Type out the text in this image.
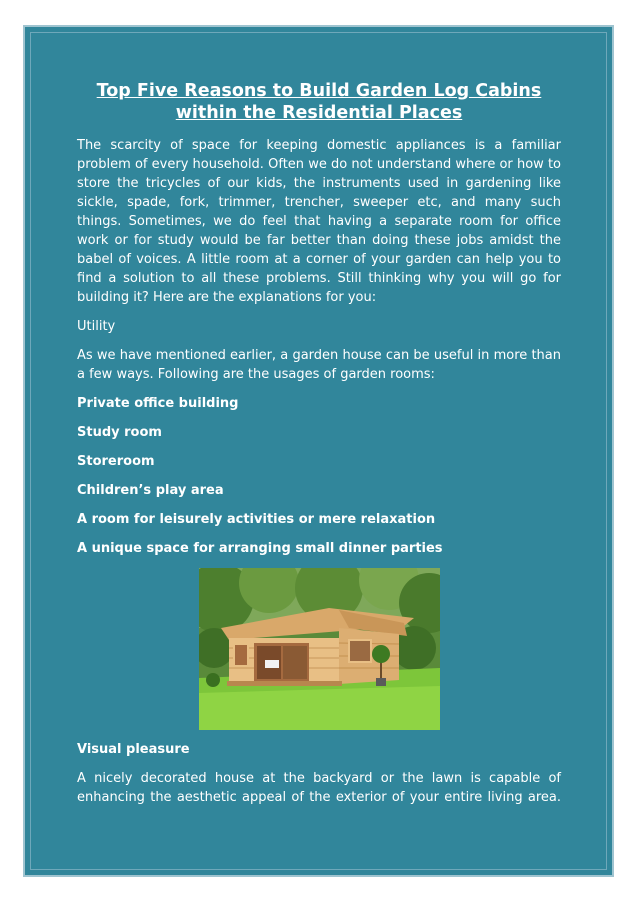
Top Five Reasons to Build Garden Log Cabins
within the Residential Places

The scarcity of space for keeping domestic appliances is a familiar problem of every household. Often we do not understand where or how to store the tricycles of our kids, the instruments used in gardening like sickle, spade, fork, trimmer, trencher, sweeper etc, and many such things. Sometimes, we do feel that having a separate room for office work or for study would be far better than doing these jobs amidst the babel of voices. A little room at a corner of your garden can help you to find a solution to all these problems. Still thinking why you will go for building it? Here are the explanations for you:

Utility

As we have mentioned earlier, a garden house can be useful in more than a few ways. Following are the usages of garden rooms:

Private office building

Study room

Storeroom

Children’s play area

A room for leisurely activities or mere relaxation

A unique space for arranging small dinner parties

Visual pleasure

A nicely decorated house at the backyard or the lawn is capable of enhancing the aesthetic appeal of the exterior of your entire living area.
